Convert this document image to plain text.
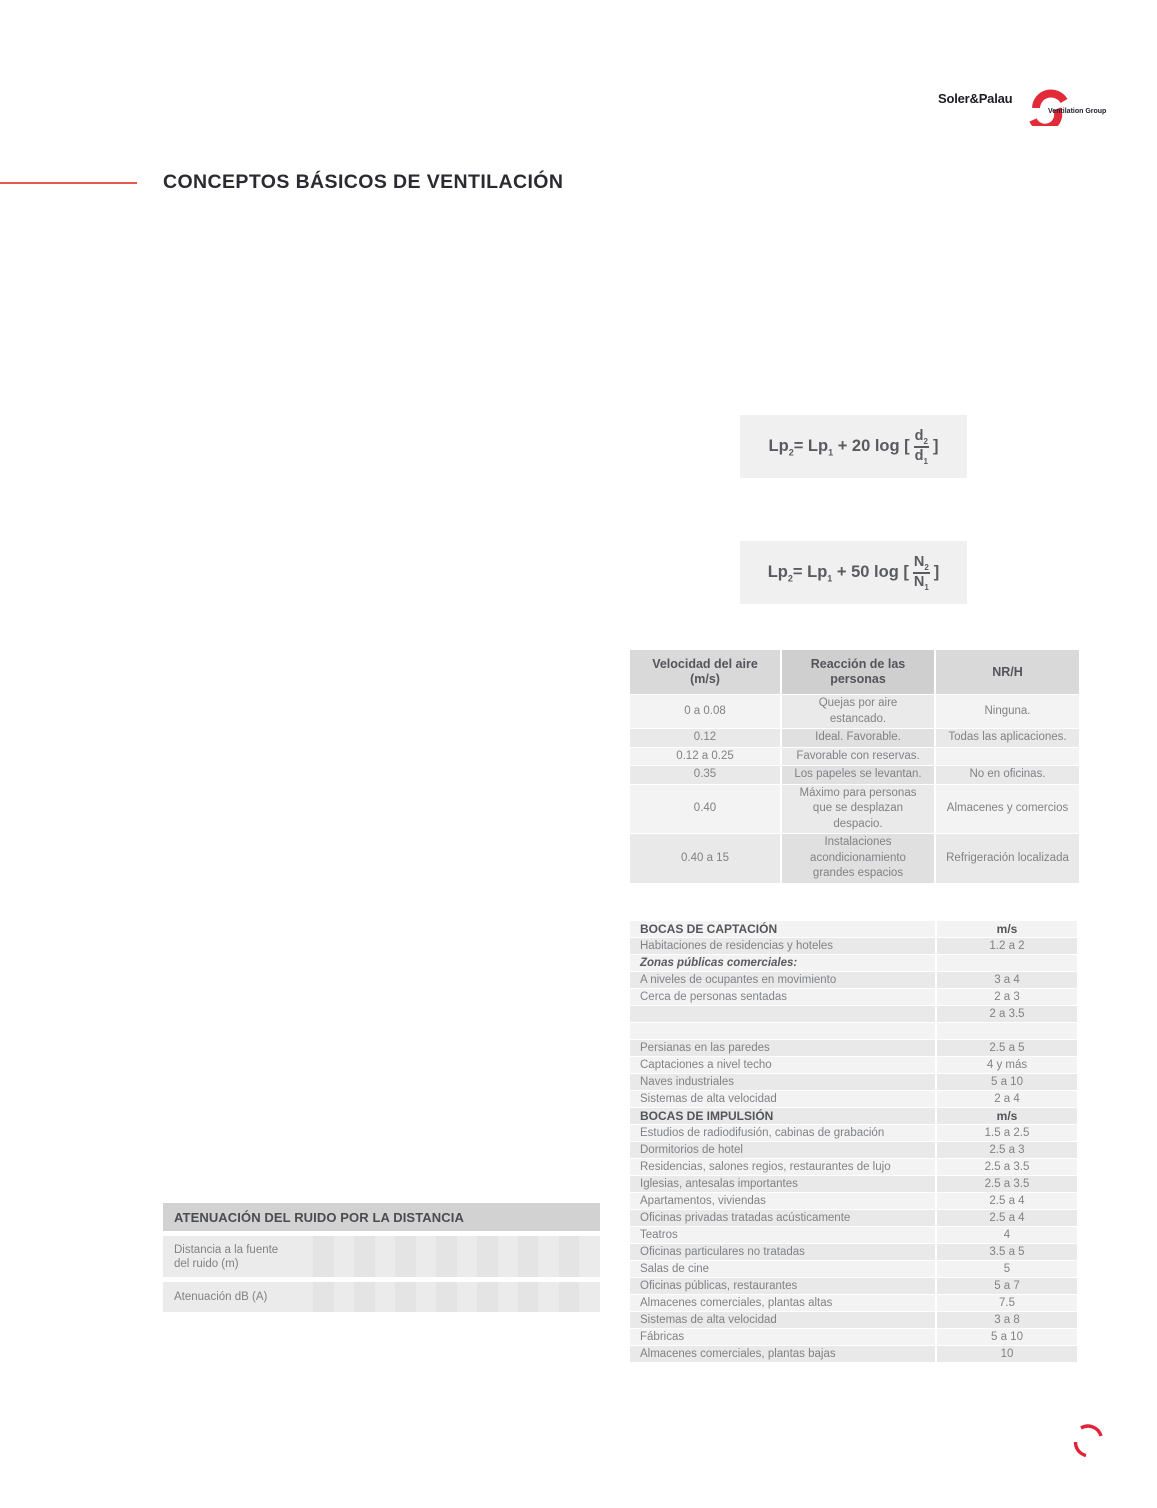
Soler&Palau
Ventilation Group
CONCEPTOS BÁSICOS DE VENTILACIÓN
$Lp_2= Lp_1 + 20$ log [ $\frac{d_2}{d_1}$ ]
$Lp_2= Lp_1 + 50$ log [ $\frac{N_2}{N_1}$ ]
Velocidad del aire (m/s)	Reacción de las personas	NR/H
0 a 0.08	Quejas por aire estancado.	Ninguna.
0.12	Ideal. Favorable.	Todas las aplicaciones.
0.12 a 0.25	Favorable con reservas.	
0.35	Los papeles se levantan.	No en oficinas.
0.40	Máximo para personas que se desplazan despacio.	Almacenes y comercios
0.40 a 15	Instalaciones acondicionamiento grandes espacios	Refrigeración localizada
BOCAS DE CAPTACIÓN	m/s
Habitaciones de residencias y hoteles	1.2 a 2
Zonas públicas comerciales:	
A niveles de ocupantes en movimiento	3 a 4
Cerca de personas sentadas	2 a 3
	2 a 3.5

Persianas en las paredes	2.5 a 5
Captaciones a nivel techo	4 y más
Naves industriales	5 a 10
Sistemas de alta velocidad	2 a 4
BOCAS DE IMPULSIÓN	m/s
Estudios de radiodifusión, cabinas de grabación	1.5 a 2.5
Dormitorios de hotel	2.5 a 3
Residencias, salones regios, restaurantes de lujo	2.5 a 3.5
Iglesias, antesalas importantes	2.5 a 3.5
Apartamentos, viviendas	2.5 a 4
Oficinas privadas tratadas acústicamente	2.5 a 4
Teatros	4
Oficinas particulares no tratadas	3.5 a 5
Salas de cine	5
Oficinas públicas, restaurantes	5 a 7
Almacenes comerciales, plantas altas	7.5
Sistemas de alta velocidad	3 a 8
Fábricas	5 a 10
Almacenes comerciales, plantas bajas	10
ATENUACIÓN DEL RUIDO POR LA DISTANCIA															

Distancia a la fuente del ruido (m)															

Atenuación dB (A)															
